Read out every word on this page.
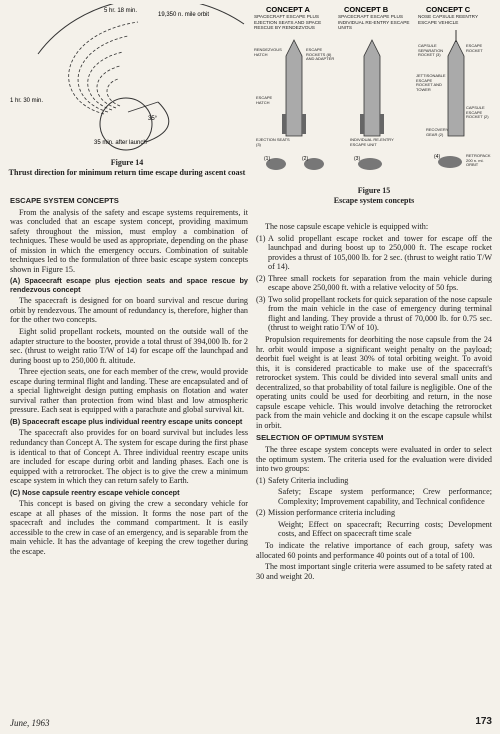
5 hr. 18 min.
19,350 n. mile orbit
1 hr. 30 min.
35°
35 min. after launch
Figure 14
Thrust direction for minimum return time escape during ascent coast
CONCEPT A	CONCEPT B	CONCEPT C
SPACECRAFT ESCAPE PLUS EJECTION SEATS AND SPACE RESCUE BY RENDEZVOUS
SPACECRAFT ESCAPE PLUS INDIVIDUAL RE-ENTRY ESCAPE UNITS
NOSE CAPSULE REENTRY ESCAPE VEHICLE
(1)	(2)	(3)	(4)
RENDEZVOUS HATCH
ESCAPE ROCKETS (8) AND ADAPTER
ESCAPE HATCH
EJECTION SEATS (3)
INDIVIDUAL RE-ENTRY ESCAPE UNIT
CAPSULE SEPARATION ROCKET (3)
ESCAPE ROCKET
JETTISONABLE ESCAPE ROCKET AND TOWER
CAPSULE ESCAPE ROCKET (2)
RECOVERY GEAR (2)
RETROPACK 200 n. mi. ORBIT
Figure 15
Escape system concepts
ESCAPE SYSTEM CONCEPTS

From the analysis of the safety and escape systems requirements, it was concluded that an escape system concept, providing maximum safety throughout the mission, must employ a combination of techniques. These would be used as appropriate, depending on the phase of mission in which the emergency occurs. Combination of suitable techniques led to the formulation of three basic escape system concepts shown in Figure 15.

(A) Spacecraft escape plus ejection seats and space rescue by rendezvous concept

The spacecraft is designed for on board survival and rescue during orbit by rendezvous. The amount of redundancy is, therefore, higher than for the other two concepts.

Eight solid propellant rockets, mounted on the outside wall of the adapter structure to the booster, provide a total thrust of 394,000 lb. for 2 sec. (thrust to weight ratio T/W of 14) for escape off the launchpad and during boost up to 250,000 ft. altitude.

Three ejection seats, one for each member of the crew, would provide escape during terminal flight and landing. These are encapsulated and of a special lightweight design putting emphasis on flotation and water survival rather than protection from wind blast and low atmospheric pressure. Each seat is equipped with a parachute and global survival kit.

(B) Spacecraft escape plus individual reentry escape units concept

The spacecraft also provides for on board survival but includes less redundancy than Concept A. The system for escape during the first phase is identical to that of Concept A. Three individual reentry escape units are included for escape during orbit and landing phases. Each one is equipped with a retrorocket. The object is to give the crew a minimum escape system in which they can return safely to Earth.

(C) Nose capsule reentry escape vehicle concept

This concept is based on giving the crew a secondary vehicle for escape at all phases of the mission. It forms the nose part of the spacecraft and includes the command compartment. It is easily accessible to the crew in case of an emergency, and is separable from the main vehicle. It has the advantage of keeping the crew together during the escape.

The nose capsule escape vehicle is equipped with:

(1) A solid propellant escape rocket and tower for escape off the launchpad and during boost up to 250,000 ft. The escape rocket provides a thrust of 105,000 lb. for 2 sec. (thrust to weight ratio T/W of 14).
(2) Three small rockets for separation from the main vehicle during escape above 250,000 ft. with a relative velocity of 50 fps.
(3) Two solid propellant rockets for quick separation of the nose capsule from the main vehicle in the case of emergency during terminal flight and landing. They provide a thrust of 70,000 lb. for 0.75 sec. (thrust to weight ratio T/W of 10).

Propulsion requirements for deorbiting the nose capsule from the 24 hr. orbit would impose a significant weight penalty on the payload; deorbit fuel weight is at least 30% of total orbiting weight. To avoid this, it is considered practicable to make use of the spacecraft's retrorocket system. This could be divided into several small units and decentralized, so that probability of total failure is negligible. One of the operating units could be used for deorbiting and return, in the nose capsule escape vehicle. This would involve detaching the retrorocket pack from the main vehicle and docking it on the escape capsule whilst in orbit.

SELECTION OF OPTIMUM SYSTEM

The three escape system concepts were evaluated in order to select the optimum system. The criteria used for the evaluation were divided into two groups:

(1) Safety Criteria including
Safety; Escape system performance; Crew performance; Complexity; Improvement capability, and Technical confidence
(2) Mission performance criteria including
Weight; Effect on spacecraft; Recurring costs; Development costs, and Effect on spacecraft time scale

To indicate the relative importance of each group, safety was allocated 60 points and performance 40 points out of a total of 100.

The most important single criteria were assumed to be safety rated at 30 and weight 20.

June, 1963	173
